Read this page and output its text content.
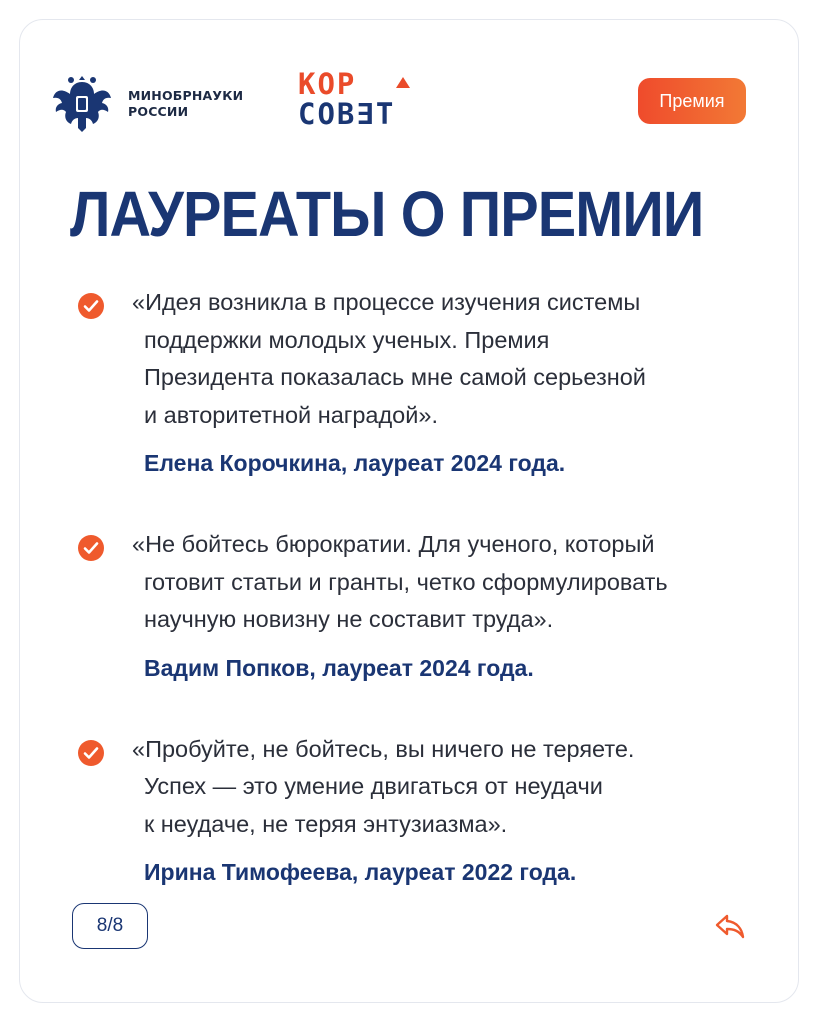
МИНОБРНАУКИ
РОССИИ
КОР
СОВ∃Т	Премия
ЛАУРЕАТЫ О ПРЕМИИ
«Идея возникла в процессе изучения системы
поддержки молодых ученых. Премия
Президента показалась мне самой серьезной
и авторитетной наградой».
Елена Корочкина, лауреат 2024 года.
«Не бойтесь бюрократии. Для ученого, который
готовит статьи и гранты, четко сформулировать
научную новизну не составит труда».
Вадим Попков, лауреат 2024 года.
«Пробуйте, не бойтесь, вы ничего не теряете.
Успех — это умение двигаться от неудачи
к неудаче, не теряя энтузиазма».
Ирина Тимофеева, лауреат 2022 года.
8/8
